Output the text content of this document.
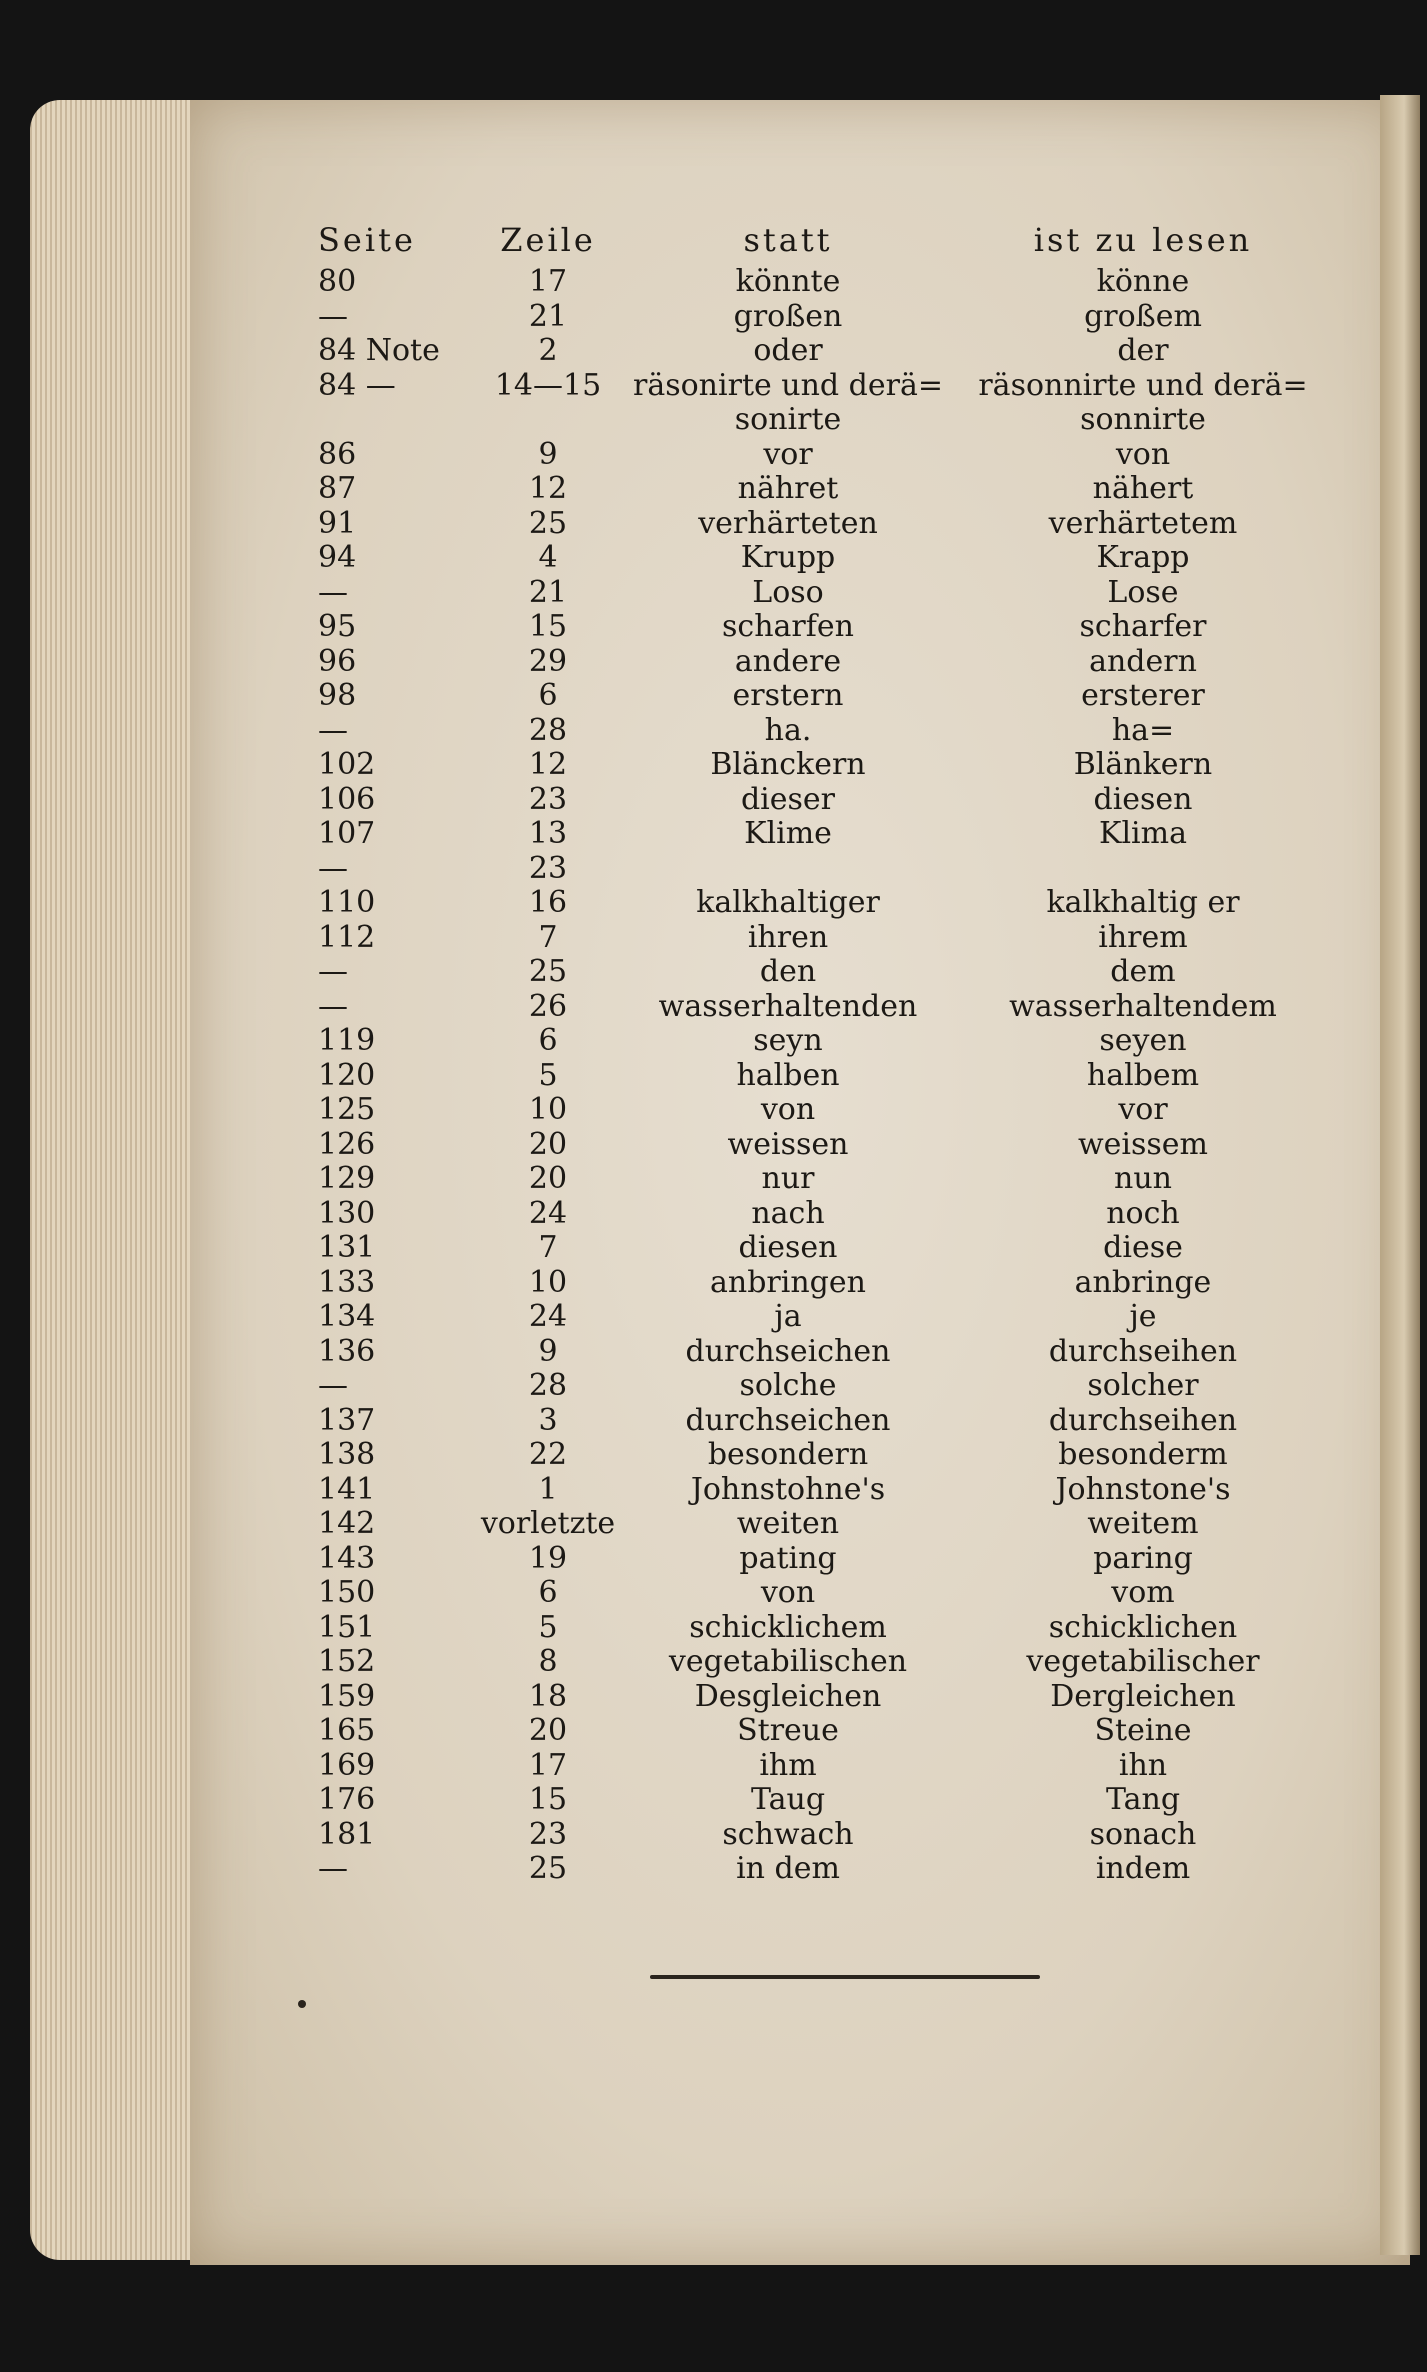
Seite	Zeile	statt	ist zu lesen
80	17	könnte	könne
—	21	großen	großem
84 Note	2	oder	der
84 —	14—15	räsonirte und derä=	räsonnirte und derä=
sonirte	sonnirte
86	9	vor	von
87	12	nähret	nähert
91	25	verhärteten	verhärtetem
94	4	Krupp	Krapp
—	21	Loso	Lose
95	15	scharfen	scharfer
96	29	andere	andern
98	6	erstern	ersterer
—	28	ha.	ha=
102	12	Blänckern	Blänkern
106	23	dieser	diesen
107	13	Klime	Klima
—	23
110	16	kalkhaltiger	kalkhaltig er
112	7	ihren	ihrem
—	25	den	dem
—	26	wasserhaltenden	wasserhaltendem
119	6	seyn	seyen
120	5	halben	halbem
125	10	von	vor
126	20	weissen	weissem
129	20	nur	nun
130	24	nach	noch
131	7	diesen	diese
133	10	anbringen	anbringe
134	24	ja	je
136	9	durchseichen	durchseihen
—	28	solche	solcher
137	3	durchseichen	durchseihen
138	22	besondern	besonderm
141	1	Johnstohne's	Johnstone's
142	vorletzte	weiten	weitem
143	19	pating	paring
150	6	von	vom
151	5	schicklichem	schicklichen
152	8	vegetabilischen	vegetabilischer
159	18	Desgleichen	Dergleichen
165	20	Streue	Steine
169	17	ihm	ihn
176	15	Taug	Tang
181	23	schwach	sonach
—	25	in dem	indem
